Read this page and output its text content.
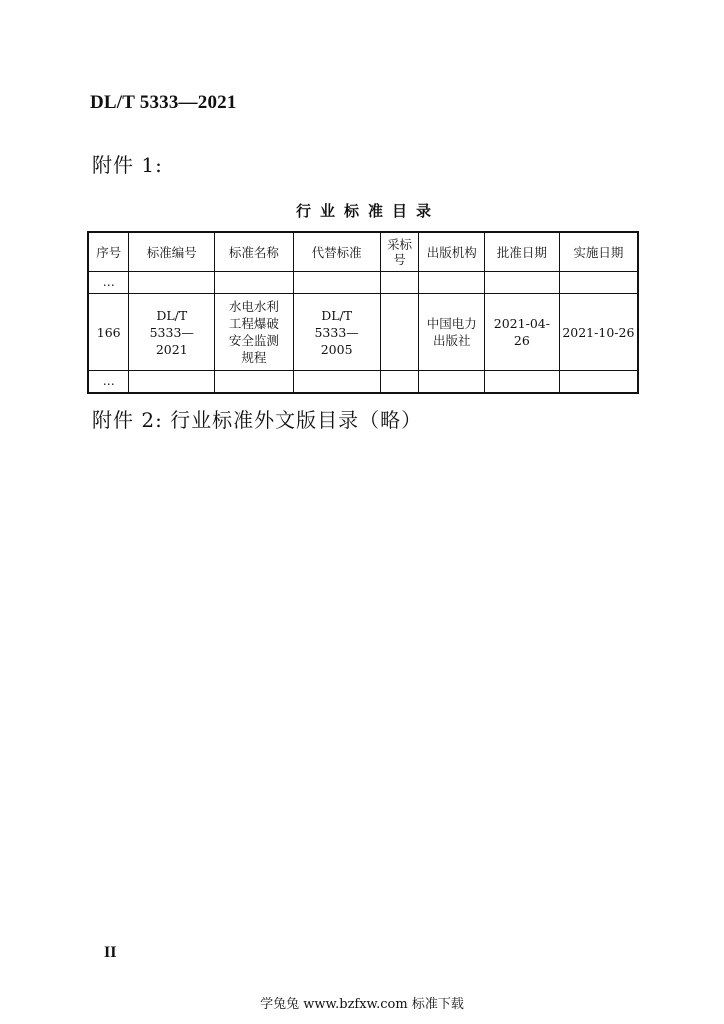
DL/T 5333—2021
附件 1:
行业标准目录
序号	标准编号	标准名称	代替标准	采标号	出版机构	批准日期	实施日期
…							
166	DL/T 5333—2021	水电水利工程爆破安全监测规程	DL/T 5333—2005		中国电力出版社	2021-04-26	2021-10-26
…							
附件 2: 行业标准外文版目录（略）
II
学兔兔 www.bzfxw.com 标准下载
